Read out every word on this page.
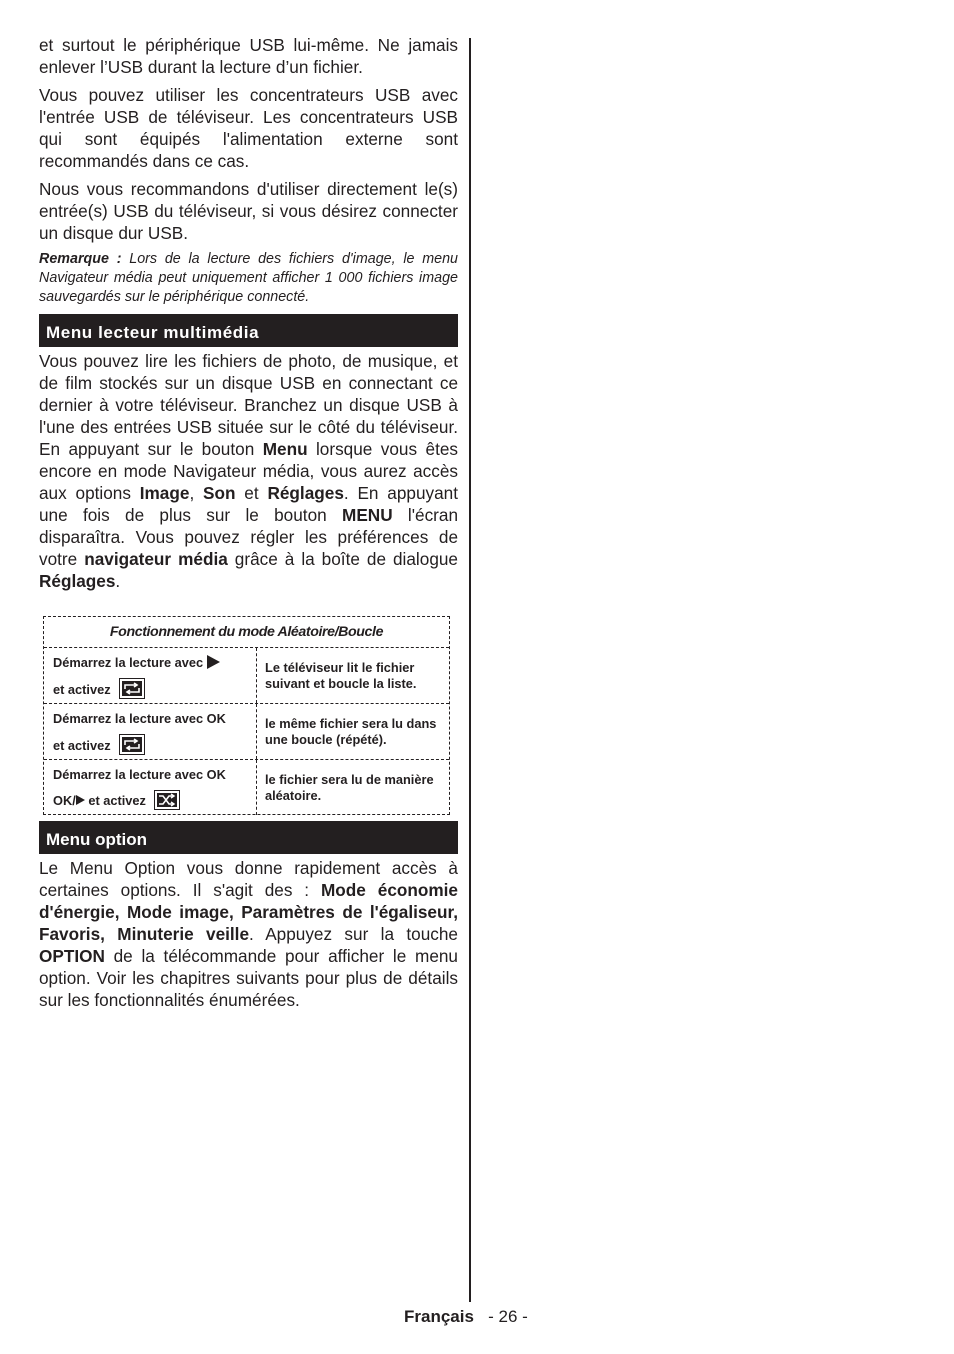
et surtout le périphérique USB lui-même. Ne jamais enlever l’USB durant la lecture d’un fichier.

Vous pouvez utiliser les concentrateurs USB avec l'entrée USB de téléviseur. Les concentrateurs USB qui sont équipés l'alimentation externe sont recommandés dans ce cas.

Nous vous recommandons d'utiliser directement le(s) entrée(s) USB du téléviseur, si vous désirez connecter un disque dur USB.

Remarque : Lors de la lecture des fichiers d'image, le menu Navigateur média peut uniquement afficher 1 000 fichiers image sauvegardés sur le périphérique connecté.

Menu lecteur multimédia

Vous pouvez lire les fichiers de photo, de musique, et de film stockés sur un disque USB en connectant ce dernier à votre téléviseur. Branchez un disque USB à l'une des entrées USB située sur le côté du téléviseur. En appuyant sur le bouton Menu lorsque vous êtes encore en mode Navigateur média, vous aurez accès aux options Image, Son et Réglages. En appuyant une fois de plus sur le bouton MENU l'écran disparaîtra. Vous pouvez régler les préférences de votre navigateur média grâce à la boîte de dialogue Réglages.

Fonctionnement du mode Aléatoire/Boucle
Démarrez la lecture avec
et activez
Le téléviseur lit le fichier suivant et boucle la liste.
Démarrez la lecture avec OK
et activez
le même fichier sera lu dans une boucle (répété).
Démarrez la lecture avec OK
OK/ et activez
le fichier sera lu de manière aléatoire.
Menu option

Le Menu Option vous donne rapidement accès à certaines options. Il s'agit des : Mode économie d'énergie, Mode image, Paramètres de l'égaliseur, Favoris, Minuterie veille. Appuyez sur la touche OPTION de la télécommande pour afficher le menu option. Voir les chapitres suivants pour plus de détails sur les fonctionnalités énumérées.

Français - 26 -
